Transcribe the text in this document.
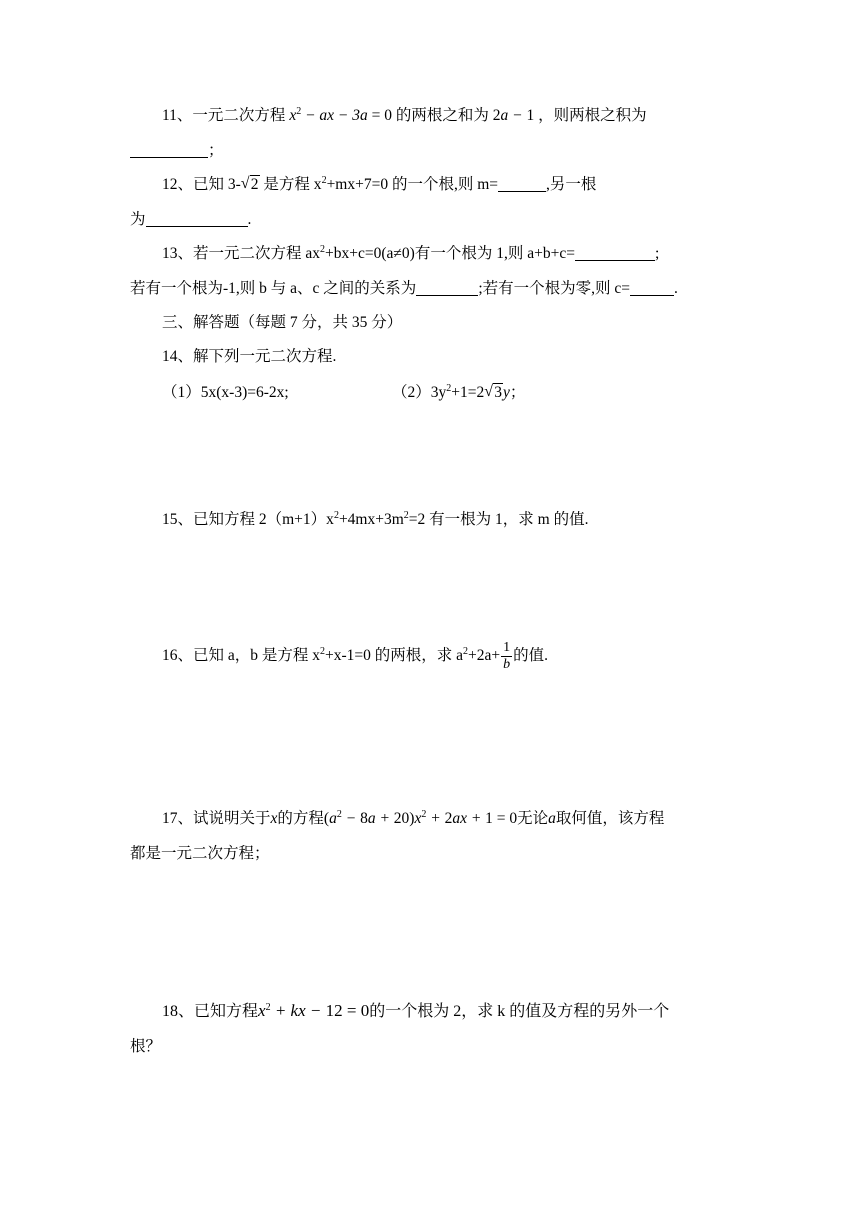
11、一元二次方程 $x^2$ − ax − 3a = 0 的两根之和为 2a − 1 ，则两根之积为
；
12、已知 3- √ 2 是方程 $x^2+mx+7=0$ 的一个根,则 m=	,另一根
为	.
13、若一元二次方程 $ax^2+bx+c=0(a\ne 0)$有一个根为 1,则 a+b+c=	;
若有一个根为-1,则 b 与 a、c 之间的关系为	;若有一个根为零,则 c=	.
三、解答题（每题 7 分，共 35 分）
14、解下列一元二次方程.
（1）5x(x-3)=6-2x;	$(2)3y^2+1=2$ √ 3y；
15、已知方程 $2(m+1)x^2+4mx+3m^2=2$ 有一根为 1，求 m 的值.
16、已知 a，b 是方程 $x^2+x-1=0$ 的两根，求 $a^2+2a+ \frac{1}{b}$ 的值.
17、试说明关于x的方程$(a^2 - 8a + 20)x^2 + 2ax + 1 = 0$无论a取何值，该方程
都是一元二次方程；
18、已知方程$x^2$ + kx − 12 = 0的一个根为 2，求 k 的值及方程的另外一个
根？
